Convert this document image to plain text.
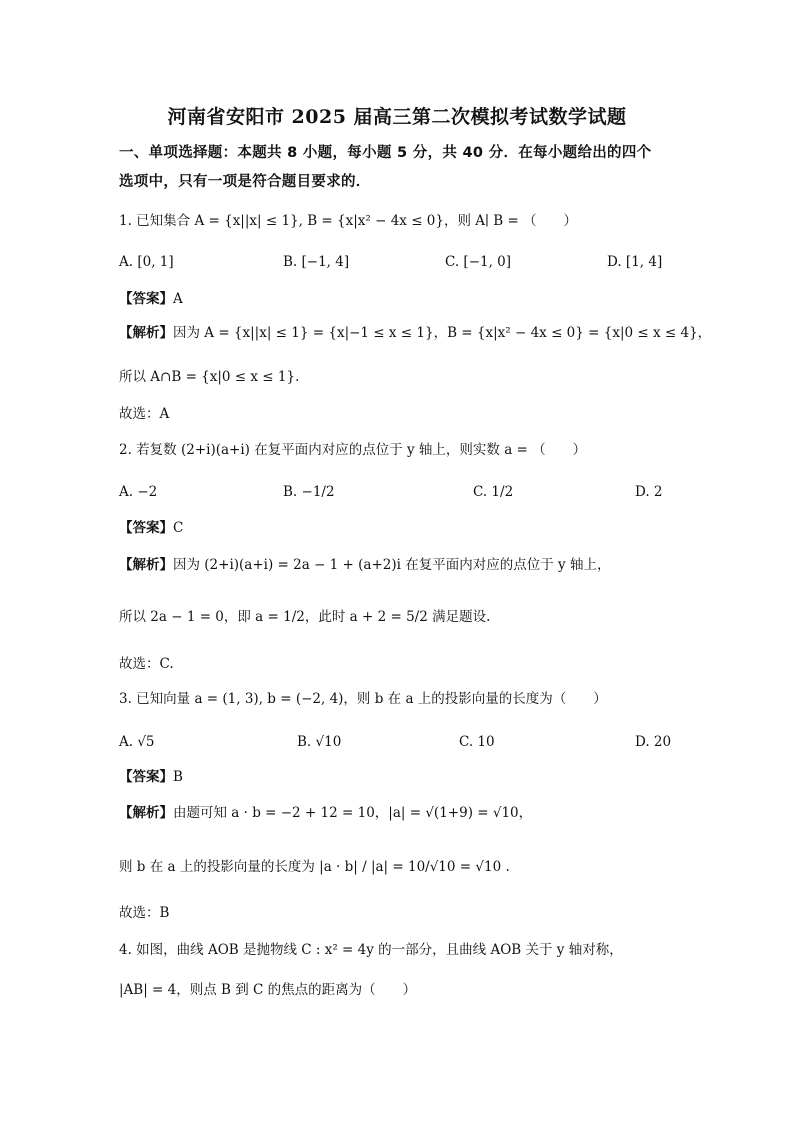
河南省安阳市 2025 届高三第二次模拟考试数学试题
一、单项选择题：本题共 8 小题，每小题 5 分，共 40 分．在每小题给出的四个
选项中，只有一项是符合题目要求的．
1. 已知集合 A = {x||x| ≤ 1}, B = {x|x² − 4x ≤ 0}，则 A∣ B = （　　）
A. [0, 1]	B. [−1, 4]	C. [−1, 0]	D. [1, 4]
【答案】A
【解析】因为 A = {x||x| ≤ 1} = {x|−1 ≤ x ≤ 1}，B = {x|x² − 4x ≤ 0} = {x|0 ≤ x ≤ 4}，
所以 A∩B = {x|0 ≤ x ≤ 1}.
故选：A
2. 若复数 (2+i)(a+i) 在复平面内对应的点位于 y 轴上，则实数 a = （　　）
A. −2	B. −1/2	C. 1/2	D. 2
【答案】C
【解析】因为 (2+i)(a+i) = 2a − 1 + (a+2)i 在复平面内对应的点位于 y 轴上，
所以 2a − 1 = 0，即 a = 1/2，此时 a + 2 = 5/2 满足题设.
故选：C.
3. 已知向量 a = (1, 3), b = (−2, 4)，则 b 在 a 上的投影向量的长度为（　　）
A. √5	B. √10	C. 10	D. 20
【答案】B
【解析】由题可知 a · b = −2 + 12 = 10，|a| = √(1+9) = √10，
则 b 在 a 上的投影向量的长度为 |a · b| / |a| = 10/√10 = √10 .
故选：B
4. 如图，曲线 AOB 是抛物线 C : x² = 4y 的一部分，且曲线 AOB 关于 y 轴对称，
|AB| = 4，则点 B 到 C 的焦点的距离为（　　）
